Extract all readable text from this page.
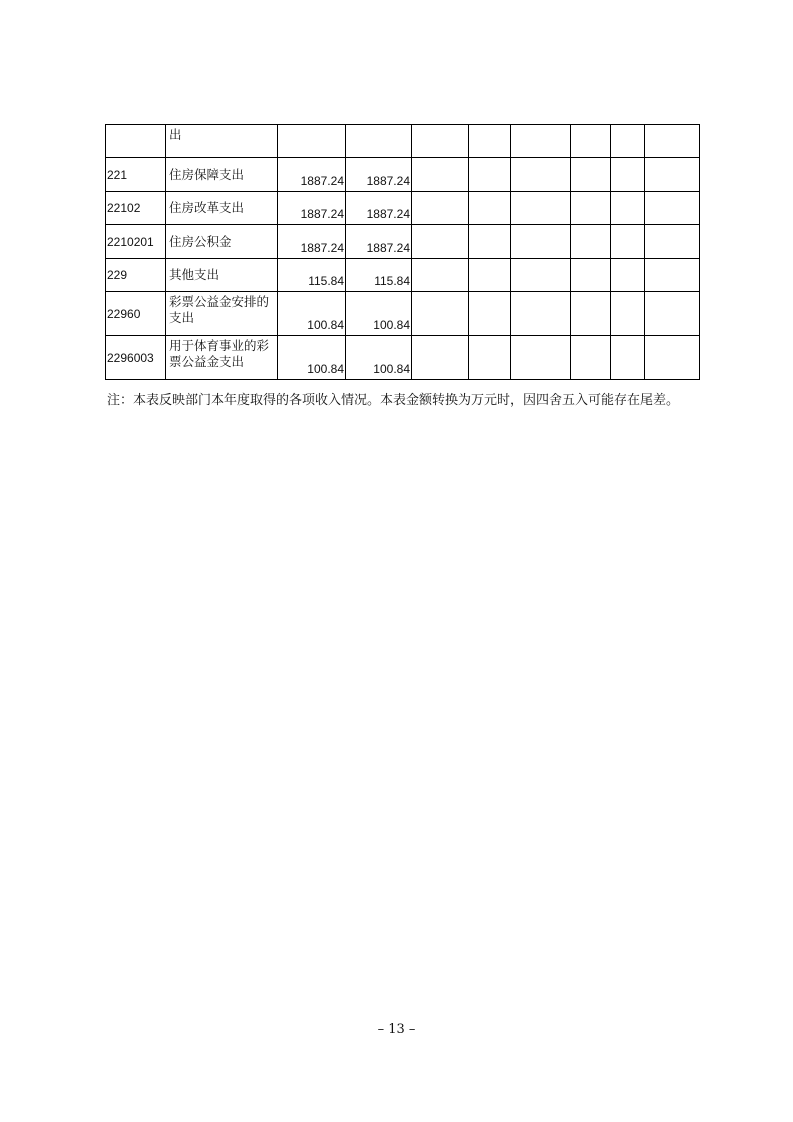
	出								
221	住房保障支出	1887.24	1887.24						
22102	住房改革支出	1887.24	1887.24						
2210201	住房公积金	1887.24	1887.24						
229	其他支出	115.84	115.84						
22960	彩票公益金安排的支出	100.84	100.84						
2296003	用于体育事业的彩票公益金支出	100.84	100.84						

注：本表反映部门本年度取得的各项收入情况。本表金额转换为万元时，因四舍五入可能存在尾差。

– 13 –
